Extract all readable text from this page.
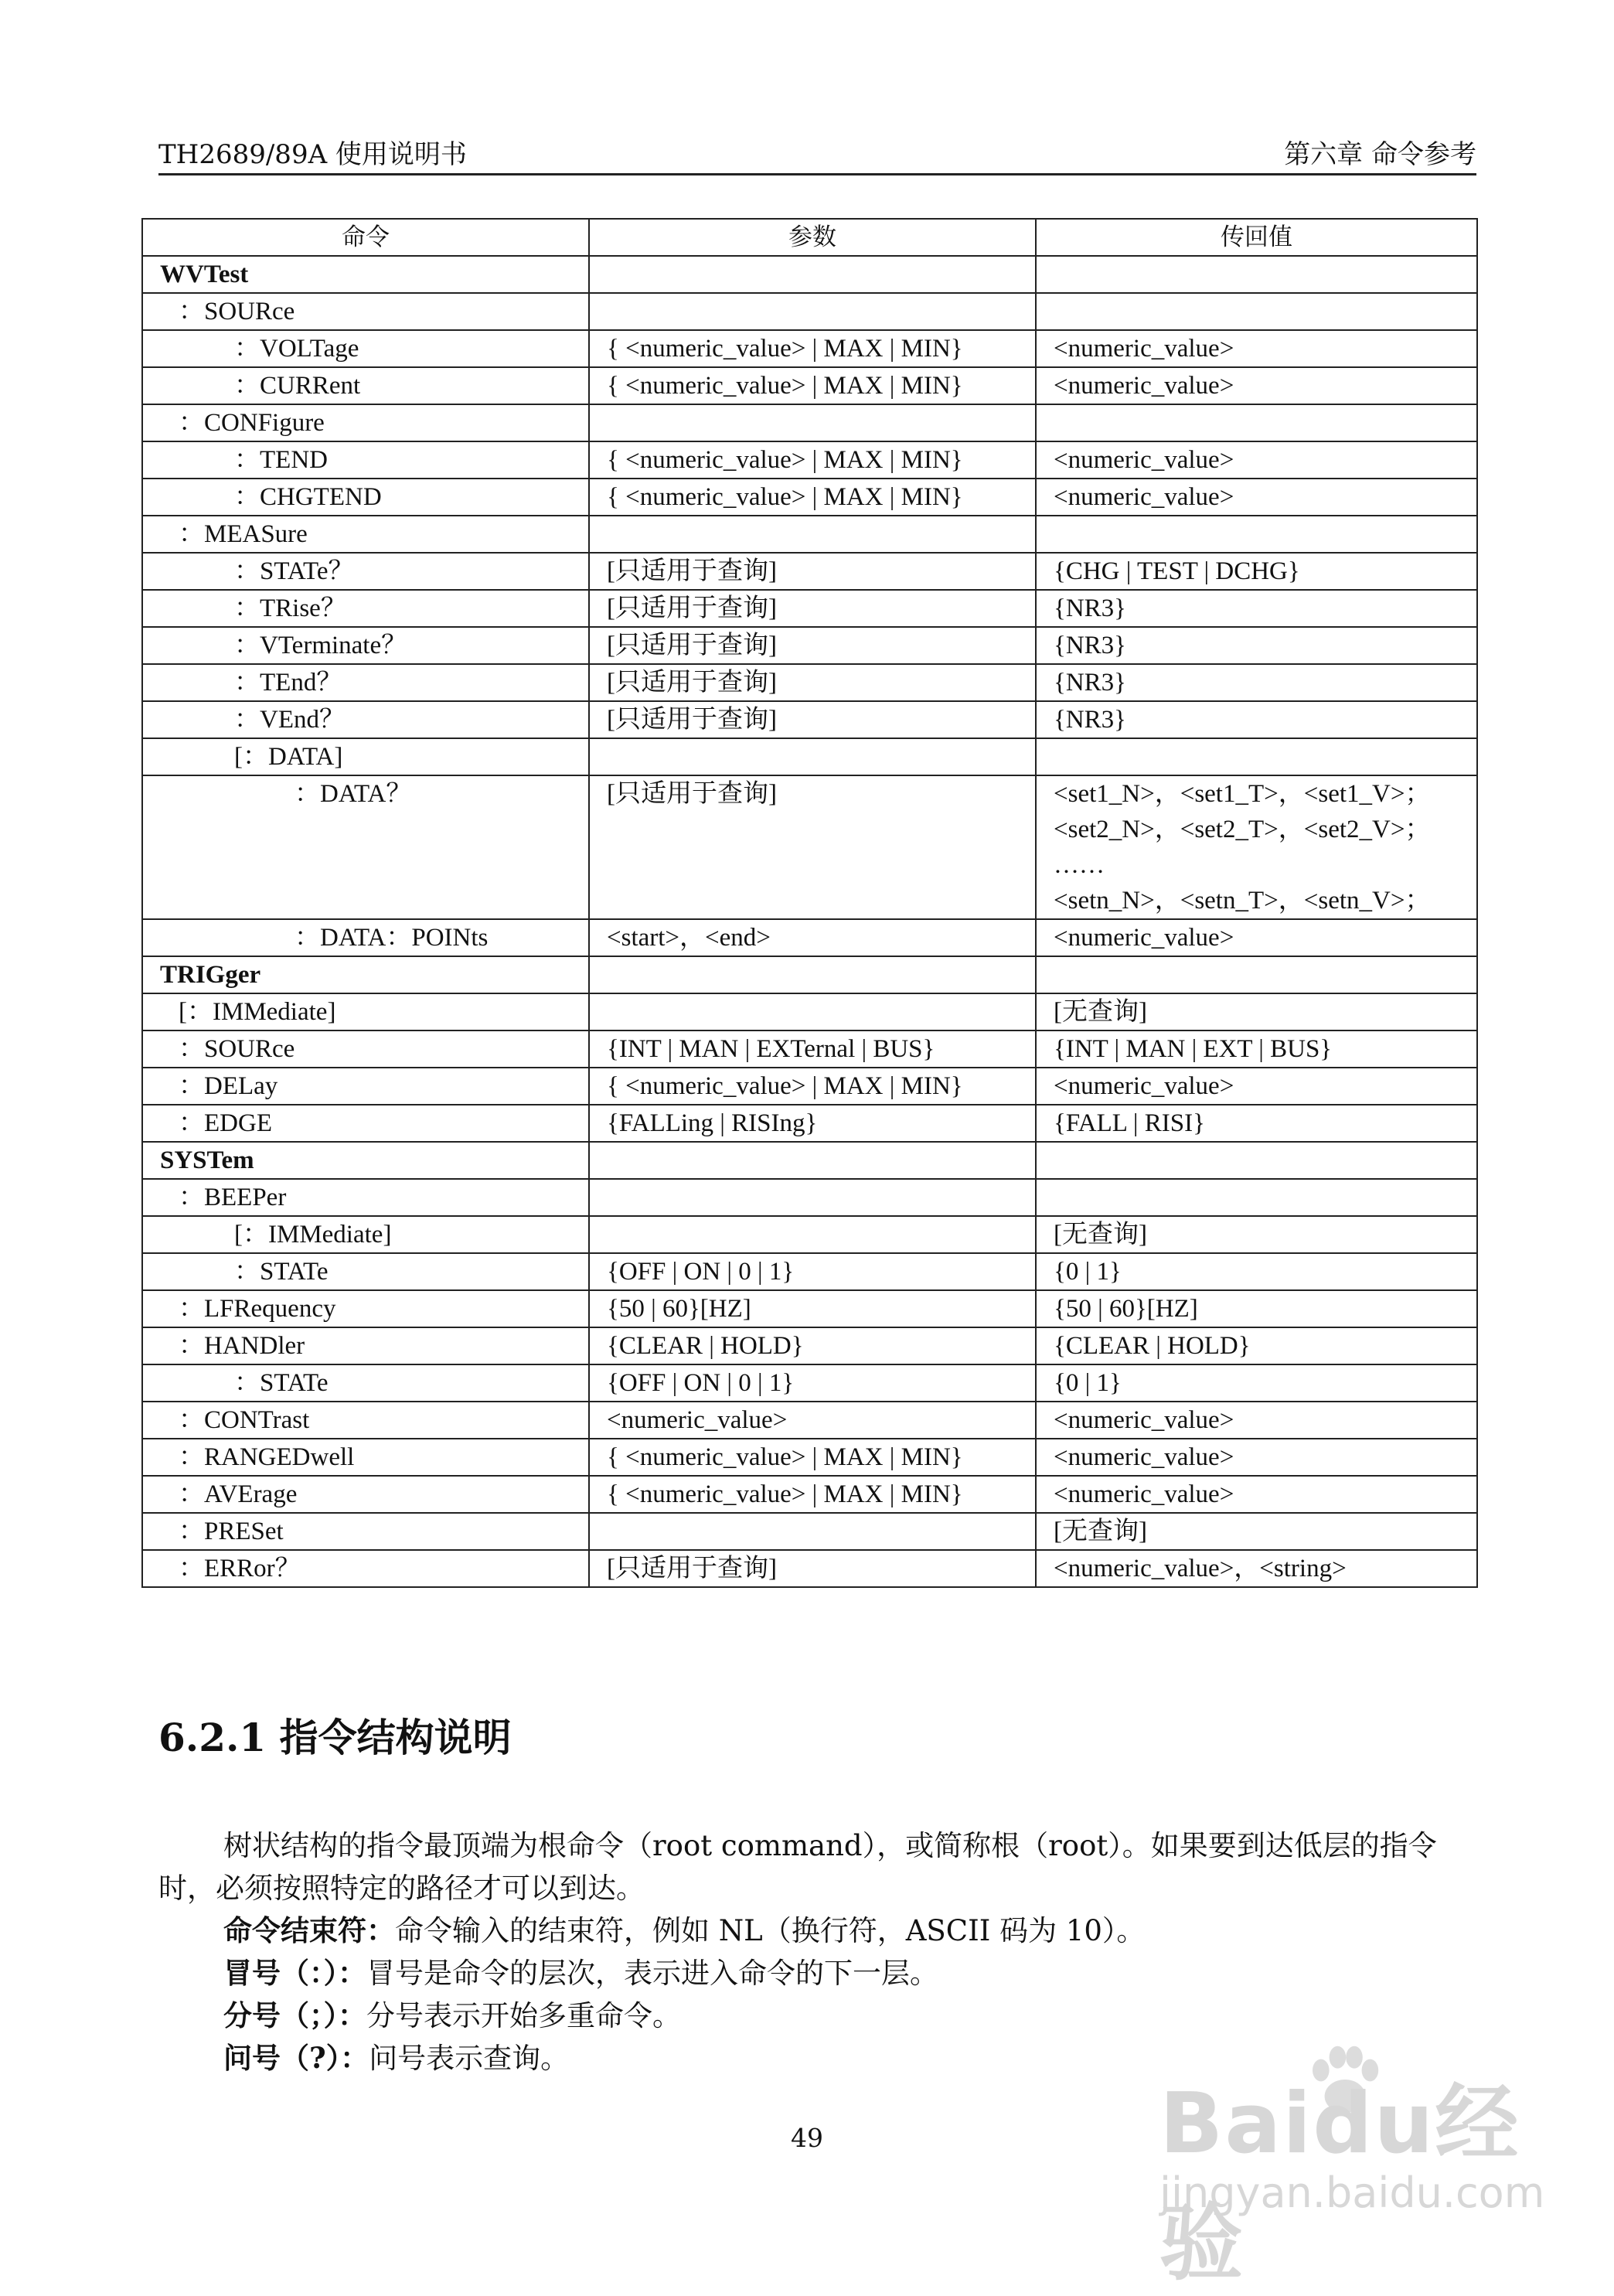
TH2689/89A 使用说明书	第六章 命令参考
命令	参数	传回值
WVTest		
：SOURce		
：VOLTage	{ <numeric_value> | MAX | MIN}	<numeric_value>
：CURRent	{ <numeric_value> | MAX | MIN}	<numeric_value>
：CONFigure		
：TEND	{ <numeric_value> | MAX | MIN}	<numeric_value>
：CHGTEND	{ <numeric_value> | MAX | MIN}	<numeric_value>
：MEASure		
：STATe？	[只适用于查询]	{CHG | TEST | DCHG}
：TRise？	[只适用于查询]	{NR3}
：VTerminate？	[只适用于查询]	{NR3}
：TEnd？	[只适用于查询]	{NR3}
：VEnd？	[只适用于查询]	{NR3}
[：DATA]		
：DATA？	[只适用于查询]	<set1_N>，<set1_T>，<set1_V>；
<set2_N>，<set2_T>，<set2_V>；
……
<setn_N>，<setn_T>，<setn_V>；

：DATA：POINts	<start>，<end>	<numeric_value>
TRIGger		
[：IMMediate]		[无查询]
：SOURce	{INT | MAN | EXTernal | BUS}	{INT | MAN | EXT | BUS}
：DELay	{ <numeric_value> | MAX | MIN}	<numeric_value>
：EDGE	{FALLing | RISIng}	{FALL | RISI}
SYSTem		
：BEEPer		
[：IMMediate]		[无查询]
：STATe	{OFF | ON | 0 | 1}	{0 | 1}
：LFRequency	{50 | 60}[HZ]	{50 | 60}[HZ]
：HANDler	{CLEAR | HOLD}	{CLEAR | HOLD}
：STATe	{OFF | ON | 0 | 1}	{0 | 1}
：CONTrast	<numeric_value>	<numeric_value>
：RANGEDwell	{ <numeric_value> | MAX | MIN}	<numeric_value>
：AVErage	{ <numeric_value> | MAX | MIN}	<numeric_value>
：PRESet		[无查询]
：ERRor？	[只适用于查询]	<numeric_value>，<string>
6.2.1 指令结构说明

树状结构的指令最顶端为根命令（root command），或简称根（root）。如果要到达低层的指令时，必须按照特定的路径才可以到达。

命令结束符：命令输入的结束符，例如 NL（换行符，ASCII 码为 10）。

冒号（：）：冒号是命令的层次，表示进入命令的下一层。

分号（；）：分号表示开始多重命令。

问号（?）：问号表示查询。

49	Baidu经验
jingyan.baidu.com
